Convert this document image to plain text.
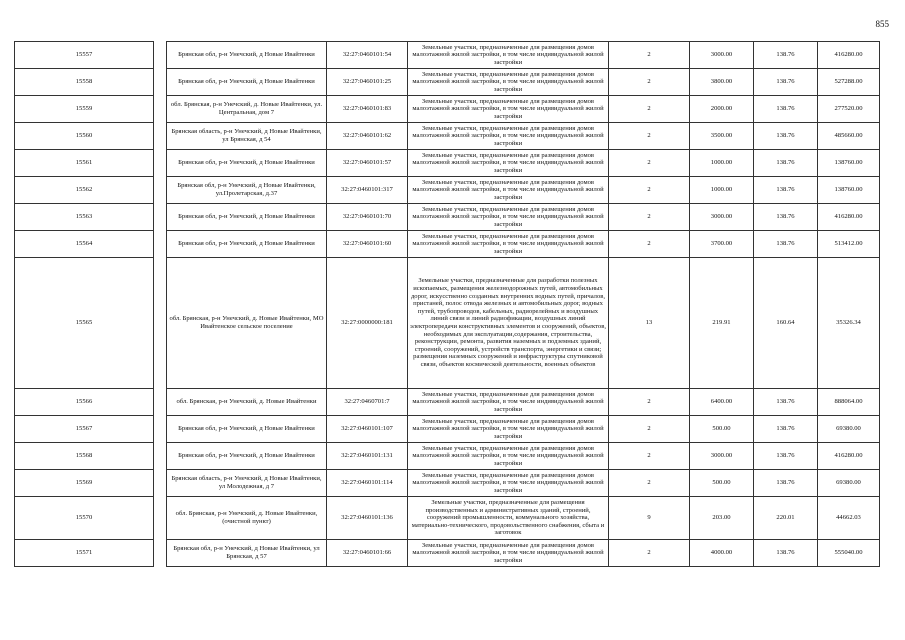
855
15557		Брянская обл, р-н Унечский, д Новые Ивайтенки	32:27:0460101:54	Земельные участки, предназначенные для размещения домов малоэтажной жилой застройки, в том числе индивидуальной жилой застройки	2	3000.00	138.76	416280.00
15558		Брянская обл, р-н Унечский, д Новые Ивайтенки	32:27:0460101:25	Земельные участки, предназначенные для размещения домов малоэтажной жилой застройки, в том числе индивидуальной жилой застройки	2	3800.00	138.76	527288.00
15559		обл. Брянская, р-н Унечский, д. Новые Ивайтенки, ул. Центральная, дом 7	32:27:0460101:83	Земельные участки, предназначенные для размещения домов малоэтажной жилой застройки, в том числе индивидуальной жилой застройки	2	2000.00	138.76	277520.00
15560		Брянская область, р-н Унечский, д Новые Ивайтенки, ул Брянская, д 54	32:27:0460101:62	Земельные участки, предназначенные для размещения домов малоэтажной жилой застройки, в том числе индивидуальной жилой застройки	2	3500.00	138.76	485660.00
15561		Брянская обл, р-н Унечский, д Новые Ивайтенки	32:27:0460101:57	Земельные участки, предназначенные для размещения домов малоэтажной жилой застройки, в том числе индивидуальной жилой застройки	2	1000.00	138.76	138760.00
15562		Брянская обл, р-н Унечский, д Новые Ивайтенки, ул.Пролетарская, д.37	32:27:0460101:317	Земельные участки, предназначенные для размещения домов малоэтажной жилой застройки, в том числе индивидуальной жилой застройки	2	1000.00	138.76	138760.00
15563		Брянская обл, р-н Унечский, д Новые Ивайтенки	32:27:0460101:70	Земельные участки, предназначенные для размещения домов малоэтажной жилой застройки, в том числе индивидуальной жилой застройки	2	3000.00	138.76	416280.00
15564		Брянская обл, р-н Унечский, д Новые Ивайтенки	32:27:0460101:60	Земельные участки, предназначенные для размещения домов малоэтажной жилой застройки, в том числе индивидуальной жилой застройки	2	3700.00	138.76	513412.00
15565		обл. Брянская, р-н Унечский, д. Новые Ивайтенки, МО Ивайтенское сельское поселение	32:27:0000000:181	Земельные участки, предназначенные для разработки полезных ископаемых, размещения железнодорожных путей, автомобильных дорог, искусственно созданных внутренних водных путей, причалов, пристаней, полос отвода железных и автомобильных дорог, водных путей, трубопроводов, кабельных, радиорелейных и воздушных линий связи и линий радиофикации, воздушных линий электропередачи конструктивных элементов и сооружений, объектов, необходимых для эксплуатации,содержания, строительства, реконструкции, ремонта, развития наземных и подземных зданий, строений, сооружений, устройств транспорта, энергетики и связи; размещения наземных сооружений и инфраструктуры спутниковой связи, объектов космической деятельности, военных объектов	13	219.91	160.64	35326.34
15566		обл. Брянская, р-н Унечский, д. Новые Ивайтенки	32:27:0460701:7	Земельные участки, предназначенные для размещения домов малоэтажной жилой застройки, в том числе индивидуальной жилой застройки	2	6400.00	138.76	888064.00
15567		Брянская обл, р-н Унечский, д Новые Ивайтенки	32:27:0460101:107	Земельные участки, предназначенные для размещения домов малоэтажной жилой застройки, в том числе индивидуальной жилой застройки	2	500.00	138.76	69380.00
15568		Брянская обл, р-н Унечский, д Новые Ивайтенки	32:27:0460101:131	Земельные участки, предназначенные для размещения домов малоэтажной жилой застройки, в том числе индивидуальной жилой застройки	2	3000.00	138.76	416280.00
15569		Брянская область, р-н Унечский, д Новые Ивайтенки, ул Молодежная, д 7	32:27:0460101:114	Земельные участки, предназначенные для размещения домов малоэтажной жилой застройки, в том числе индивидуальной жилой застройки	2	500.00	138.76	69380.00
15570		обл. Брянская, р-н Унечский, д. Новые Ивайтенки, (очистной пункт)	32:27:0460101:136	Земельные участки, предназначенные для размещения производственных и административных зданий, строений, сооружений промышленности, коммунального хозяйства, материально-технического, продовольственного снабжения, сбыта и заготовок	9	203.00	220.01	44662.03
15571		Брянская обл, р-н Унечский, д Новые Ивайтенки, ул Брянская, д 57	32:27:0460101:66	Земельные участки, предназначенные для размещения домов малоэтажной жилой застройки, в том числе индивидуальной жилой застройки	2	4000.00	138.76	555040.00
